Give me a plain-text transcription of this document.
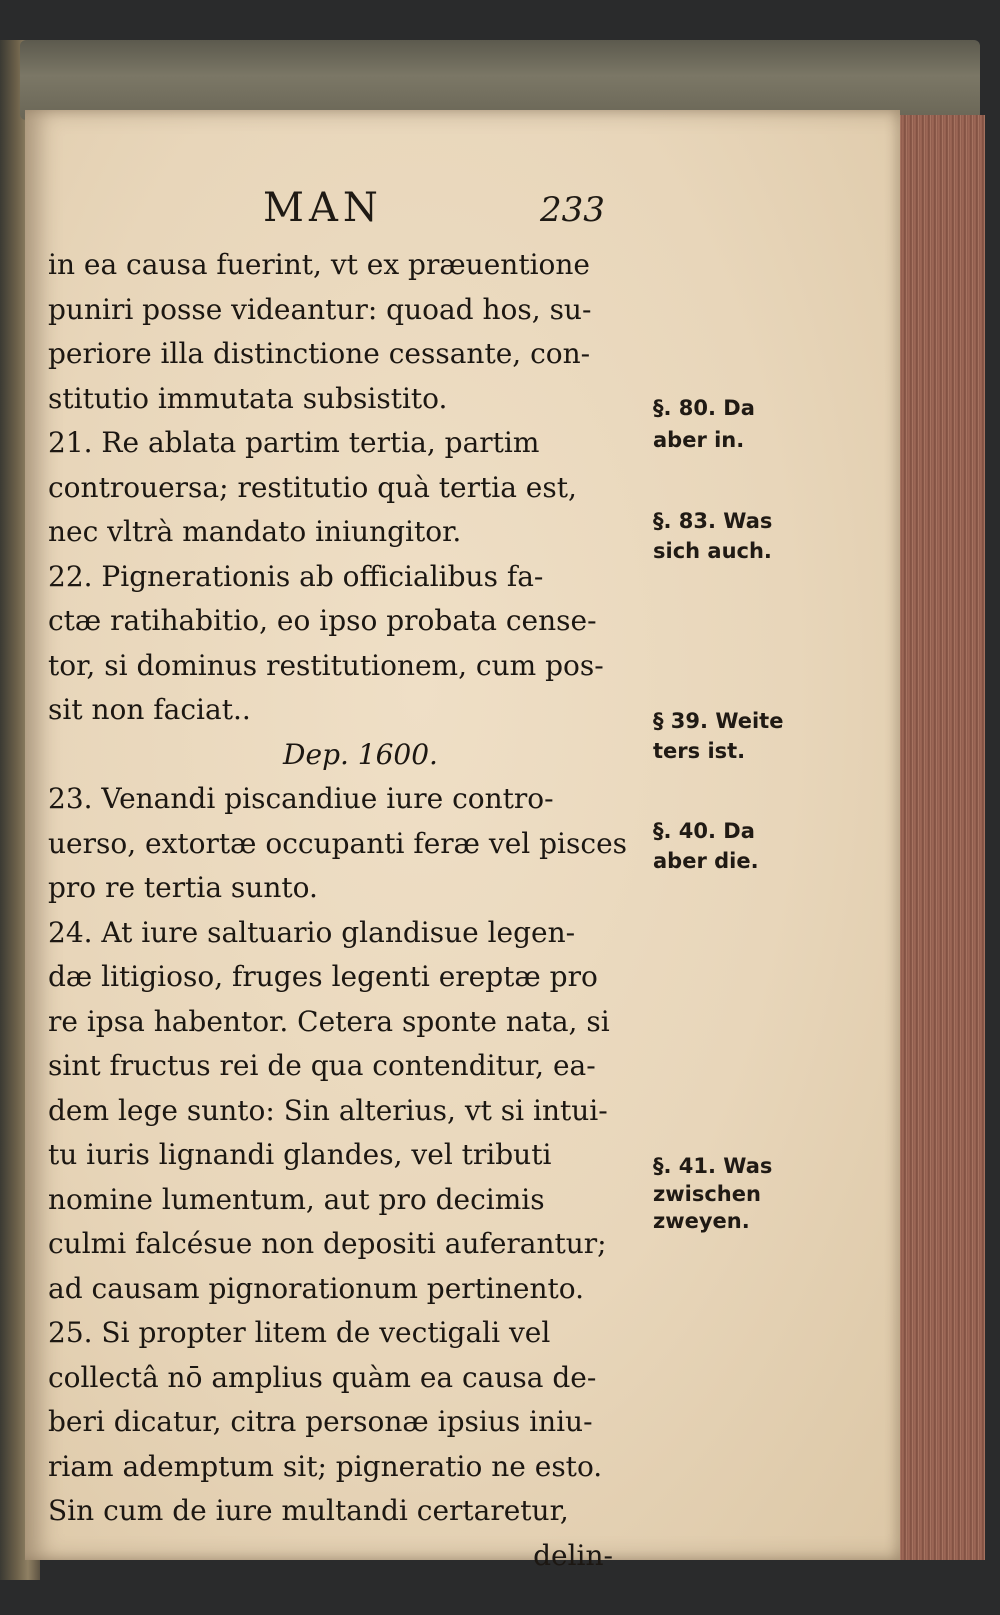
MAN	233
in ea causa fuerint, vt ex præuentione
puniri posse videantur: quoad hos, su-
periore illa distinctione cessante, con-
stitutio immutata subsistito.
21. Re ablata partim tertia, partim
controuersa; restitutio quà tertia est,
nec vltrà mandato iniungitor.
22. Pignerationis ab officialibus fa-
ctæ ratihabitio, eo ipso probata cense-
tor, si dominus restitutionem, cum pos-
sit non faciat..
Dep. 1600.
23. Venandi piscandiue iure contro-
uerso, extortæ occupanti feræ vel pisces
pro re tertia sunto.
24. At iure saltuario glandisue legen-
dæ litigioso, fruges legenti ereptæ pro
re ipsa habentor. Cetera sponte nata, si
sint fructus rei de qua contenditur, ea-
dem lege sunto: Sin alterius, vt si intui-
tu iuris lignandi glandes, vel tributi
nomine lumentum, aut pro decimis
culmi falcésue non depositi auferantur;
ad causam pignorationum pertinento.
25. Si propter litem de vectigali vel
collectâ nō amplius quàm ea causa de-
beri dicatur, citra personæ ipsius iniu-
riam ademptum sit; pigneratio ne esto.
Sin cum de iure multandi certaretur,
delin-
§. 80. Da
aber in.
§. 83. Was
sich auch.
§ 39. Weite
ters ist.
§. 40. Da
aber die.
§. 41. Was
zwischen
zweyen.
